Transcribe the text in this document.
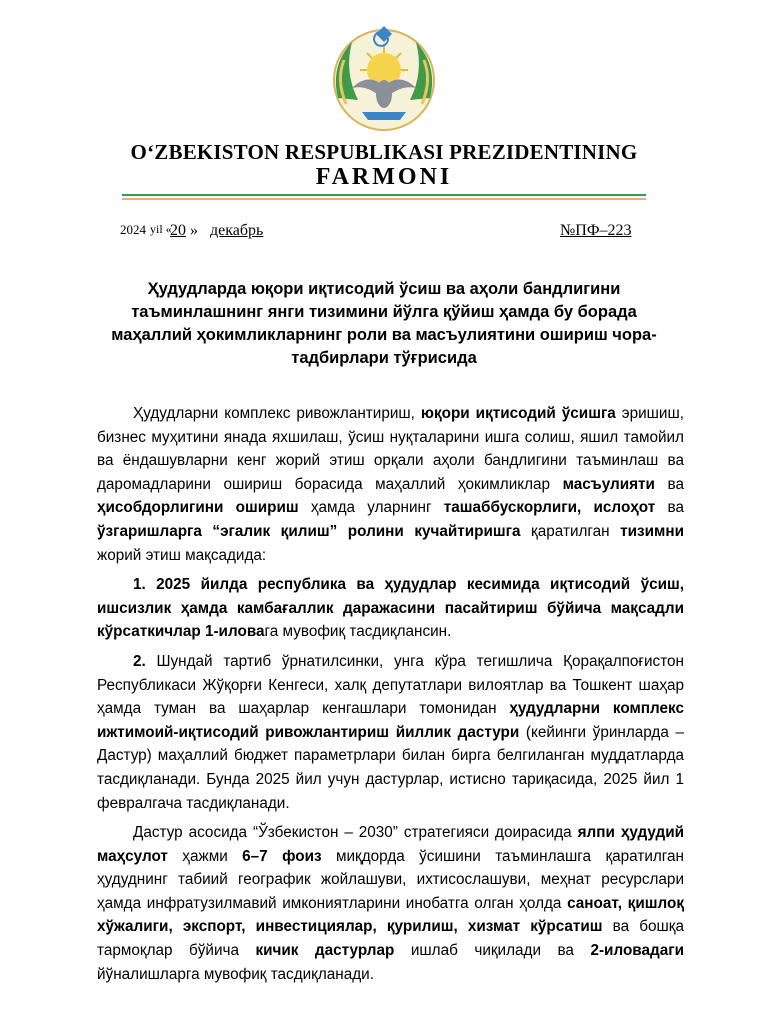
O‘ZBEKISTON RESPUBLIKASI PREZIDENTINING
FARMONI
2024 yil «
20 » декабрь	№ПФ–223
Ҳудудларда юқори иқтисодий ўсиш ва аҳоли бандлигини таъминлашнинг янги тизимини йўлга қўйиш ҳамда бу борада маҳаллий ҳокимликларнинг роли ва масъулиятини ошириш чора-тадбирлари тўғрисида

Ҳудудларни комплекс ривожлантириш, юқори иқтисодий ўсишга эришиш, бизнес муҳитини янада яхшилаш, ўсиш нуқталарини ишга солиш, яшил тамойил ва ёндашувларни кенг жорий этиш орқали аҳоли бандлигини таъминлаш ва даромадларини ошириш борасида маҳаллий ҳокимликлар масъулияти ва ҳисобдорлигини ошириш ҳамда уларнинг ташаббускорлиги, ислоҳот ва ўзгаришларга “эгалик қилиш” ролини кучайтиришга қаратилган тизимни жорий этиш мақсадида:

1. 2025 йилда республика ва ҳудудлар кесимида иқтисодий ўсиш, ишсизлик ҳамда камбағаллик даражасини пасайтириш бўйича мақсадли кўрсаткичлар 1-иловага мувофиқ тасдиқлансин.

2. Шундай тартиб ўрнатилсинки, унга кўра тегишлича Қорақалпоғистон Республикаси Жўқорғи Кенгеси, халқ депутатлари вилоятлар ва Тошкент шаҳар ҳамда туман ва шаҳарлар кенгашлари томонидан ҳудудларни комплекс ижтимоий-иқтисодий ривожлантириш йиллик дастури (кейинги ўринларда – Дастур) маҳаллий бюджет параметрлари билан бирга белгиланган муддатларда тасдиқланади. Бунда 2025 йил учун дастурлар, истисно тариқасида, 2025 йил 1 февралгача тасдиқланади.

Дастур асосида “Ўзбекистон – 2030” стратегияси доирасида ялпи ҳудудий маҳсулот ҳажми 6–7 фоиз миқдорда ўсишини таъминлашга қаратилган ҳудуднинг табиий географик жойлашуви, ихтисослашуви, меҳнат ресурслари ҳамда инфратузилмавий имкониятларини инобатга олган ҳолда саноат, қишлоқ хўжалиги, экспорт, инвестициялар, қурилиш, хизмат кўрсатиш ва бошқа тармоқлар бўйича кичик дастурлар ишлаб чиқилади ва 2-иловадаги йўналишларга мувофиқ тасдиқланади.
